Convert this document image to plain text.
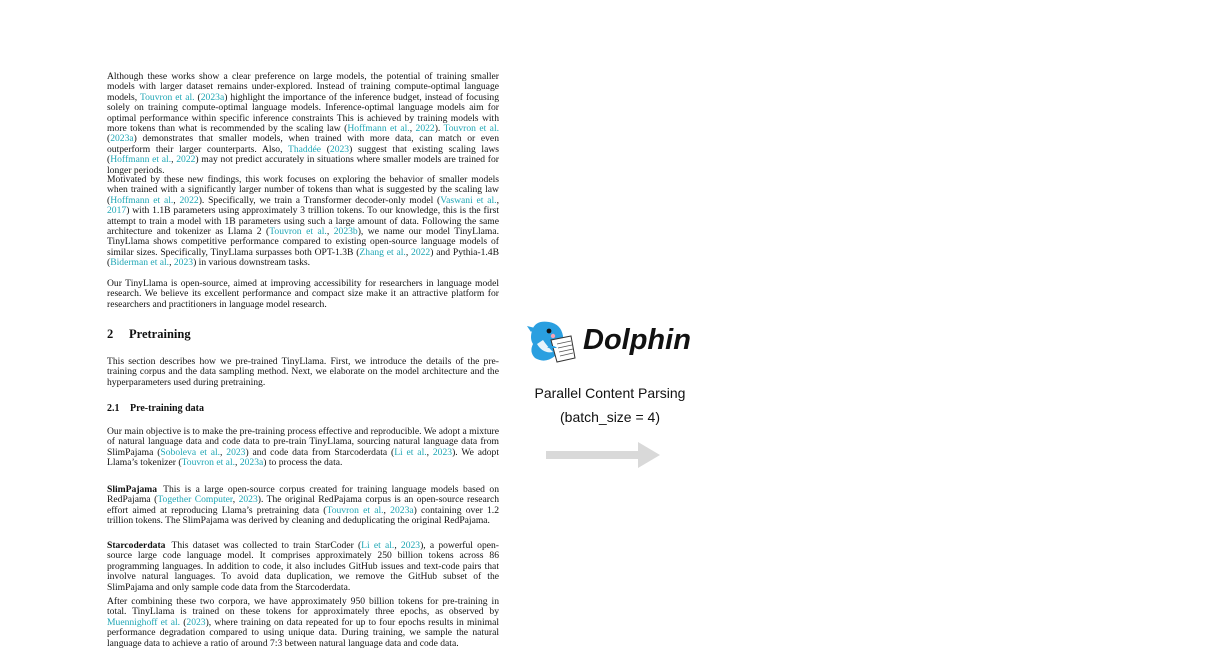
2 Pretraining
2.1 Pre-training data
Although these works show a clear preference on large models, the potential of training smaller models with larger dataset remains under-explored. Instead of training compute-optimal language models, Touvron et al. (2023a) highlight the importance of the inference budget, instead of focusing solely on training compute-optimal language models. Inference-optimal language models aim for optimal performance within specific inference constraints This is achieved by training models with more tokens than what is recommended by the scaling law (Hoffmann et al., 2022). Touvron et al. (2023a) demonstrates that smaller models, when trained with more data, can match or even outperform their larger counterparts. Also, Thaddée (2023) suggest that existing scaling laws (Hoffmann et al., 2022) may not predict accurately in situations where smaller models are trained for longer periods.
Motivated by these new findings, this work focuses on exploring the behavior of smaller models when trained with a significantly larger number of tokens than what is suggested by the scaling law (Hoffmann et al., 2022). Specifically, we train a Transformer decoder-only model (Vaswani et al., 2017) with 1.1B parameters using approximately 3 trillion tokens. To our knowledge, this is the first attempt to train a model with 1B parameters using such a large amount of data. Following the same architecture and tokenizer as Llama 2 (Touvron et al., 2023b), we name our model TinyLlama. TinyLlama shows competitive performance compared to existing open-source language models of similar sizes. Specifically, TinyLlama surpasses both OPT-1.3B (Zhang et al., 2022) and Pythia-1.4B (Biderman et al., 2023) in various downstream tasks.
Our TinyLlama is open-source, aimed at improving accessibility for researchers in language model research. We believe its excellent performance and compact size make it an attractive platform for researchers and practitioners in language model research.
This section describes how we pre-trained TinyLlama. First, we introduce the details of the pre-training corpus and the data sampling method. Next, we elaborate on the model architecture and the hyperparameters used during pretraining.
Our main objective is to make the pre-training process effective and reproducible. We adopt a mixture of natural language data and code data to pre-train TinyLlama, sourcing natural language data from SlimPajama (Soboleva et al., 2023) and code data from Starcoderdata (Li et al., 2023). We adopt Llama’s tokenizer (Touvron et al., 2023a) to process the data.
SlimPajama This is a large open-source corpus created for training language models based on RedPajama (Together Computer, 2023). The original RedPajama corpus is an open-source research effort aimed at reproducing Llama’s pretraining data (Touvron et al., 2023a) containing over 1.2 trillion tokens. The SlimPajama was derived by cleaning and deduplicating the original RedPajama.
Starcoderdata This dataset was collected to train StarCoder (Li et al., 2023), a powerful open-source large code language model. It comprises approximately 250 billion tokens across 86 programming languages. In addition to code, it also includes GitHub issues and text-code pairs that involve natural languages. To avoid data duplication, we remove the GitHub subset of the SlimPajama and only sample code data from the Starcoderdata.
After combining these two corpora, we have approximately 950 billion tokens for pre-training in total. TinyLlama is trained on these tokens for approximately three epochs, as observed by Muennighoff et al. (2023), where training on data repeated for up to four epochs results in minimal performance degradation compared to using unique data. During training, we sample the natural language data to achieve a ratio of around 7:3 between natural language data and code data.
Dolphin
Parallel Content Parsing
(batch_size = 4)
